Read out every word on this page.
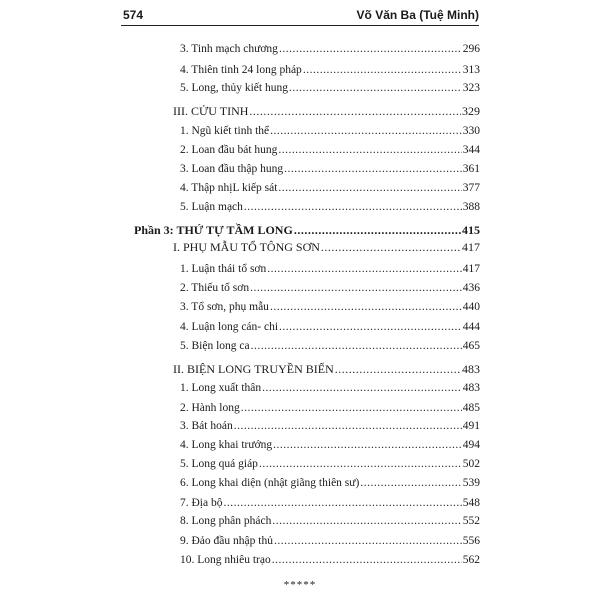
574	Võ Văn Ba (Tuệ Minh)
3. Tinh mạch chương .....	296
4. Thiên tinh 24 long pháp .....	313
5. Long, thủy kiết hung .....	323
III. CỬU TINH .....	329
1. Ngũ kiết tinh thể .....	330
2. Loan đầu bát hung .....	344
3. Loan đầu thập hung .....	361
4. Thập nhịL kiếp sát .....	377
5. Luận mạch .....	388
Phần 3: THỨ TỰ TẦM LONG .....	415
I. PHỤ MẪU TỔ TÔNG SƠN .....	417
1. Luận thái tổ sơn .....	417
2. Thiếu tổ sơn .....	436
3. Tổ sơn, phụ mẫu .....	440
4. Luận long cán- chi .....	444
5. Biện long ca .....	465
II. BIỆN LONG TRUYỀN BIẾN .....	483
1. Long xuất thân .....	483
2. Hành long .....	485
3. Bát hoán .....	491
4. Long khai trướng .....	494
5. Long quá giáp .....	502
6. Long khai diện (nhật giãng thiên sư) .....	539
7. Địa bộ .....	548
8. Long phân phách .....	552
9. Đảo đầu nhập thủ .....	556
10. Long nhiêu trạo .....	562
*****
